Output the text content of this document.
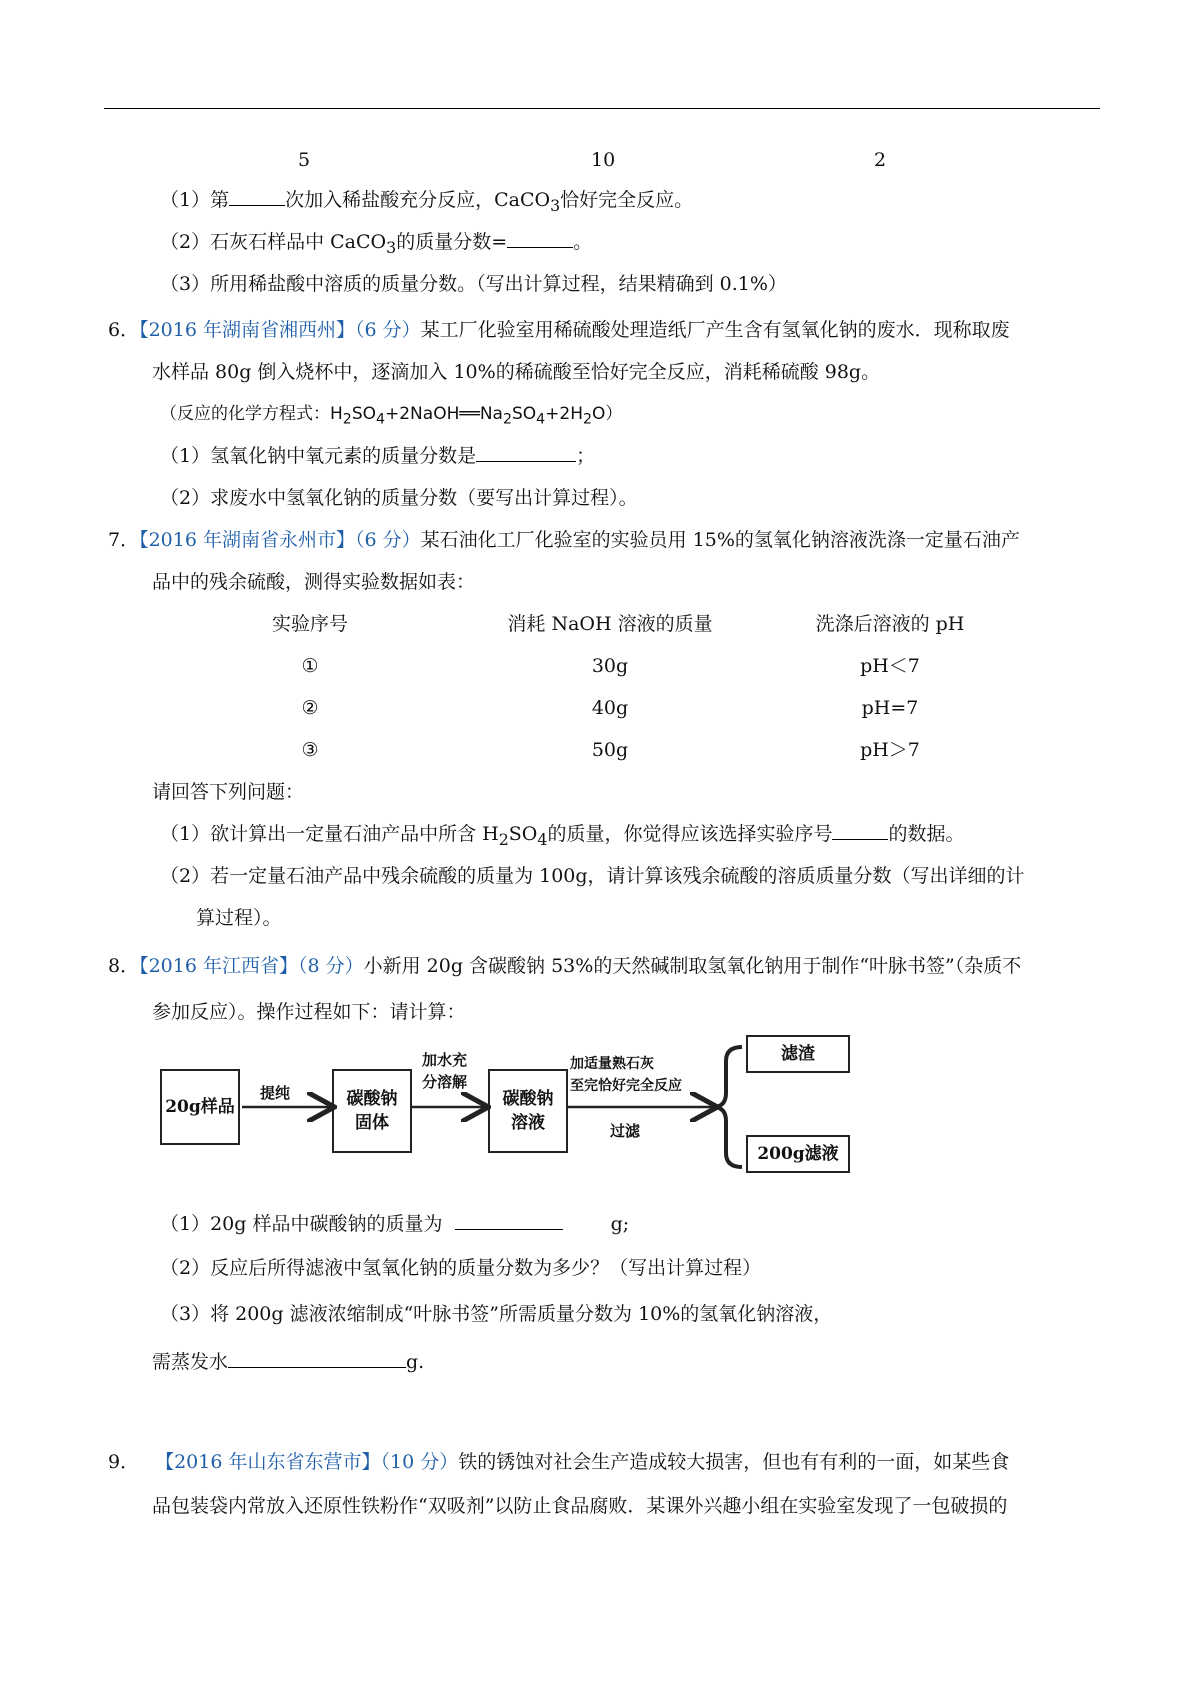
5	10	2
（1）第	次加入稀盐酸充分反应，CaCO$_3$恰好完全反应。
（2）石灰石样品中 CaCO$_3$的质量分数=	。
（3）所用稀盐酸中溶质的质量分数。（写出计算过程，结果精确到 0.1%）
6．【2016 年湖南省湘西州】（6 分）某工厂化验室用稀硫酸处理造纸厂产生含有氢氧化钠的废水．现称取废
水样品 80g 倒入烧杯中，逐滴加入 10%的稀硫酸至恰好完全反应，消耗稀硫酸 98g。
（反应的化学方程式：$H_2SO_4+2NaOH══Na_2SO_4+2H_2O$）
（1）氢氧化钠中氧元素的质量分数是	；
（2）求废水中氢氧化钠的质量分数（要写出计算过程）。
7．【2016 年湖南省永州市】（6 分）某石油化工厂化验室的实验员用 15%的氢氧化钠溶液洗涤一定量石油产
品中的残余硫酸，测得实验数据如表：
实验序号	消耗 NaOH 溶液的质量	洗涤后溶液的 pH
①	30g	pH＜7
②	40g	pH=7
③	50g	pH＞7
请回答下列问题：
（1）欲计算出一定量石油产品中所含 $H_2SO_4$的质量，你觉得应该选择实验序号	的数据。
（2）若一定量石油产品中残余硫酸的质量为 100g，请计算该残余硫酸的溶质质量分数（写出详细的计
算过程）。
8．【2016 年江西省】（8 分）小新用 20g 含碳酸钠 53%的天然碱制取氢氧化钠用于制作“叶脉书签”（杂质不
参加反应）。操作过程如下：请计算：
20g样品
提纯	碳酸钠
固体
加水充
分溶解
碳酸钠
溶液
加适量熟石灰
至完恰好完全反应
过滤
滤渣
200g滤液
（1）20g 样品中碳酸钠的质量为	g;
（2）反应后所得滤液中氢氧化钠的质量分数为多少？（写出计算过程）
（3）将 200g 滤液浓缩制成“叶脉书签”所需质量分数为 10%的氢氧化钠溶液，
需蒸发水	g.
9． 【2016 年山东省东营市】（10 分）铁的锈蚀对社会生产造成较大损害，但也有有利的一面，如某些食
品包装袋内常放入还原性铁粉作“双吸剂”以防止食品腐败．某课外兴趣小组在实验室发现了一包破损的
